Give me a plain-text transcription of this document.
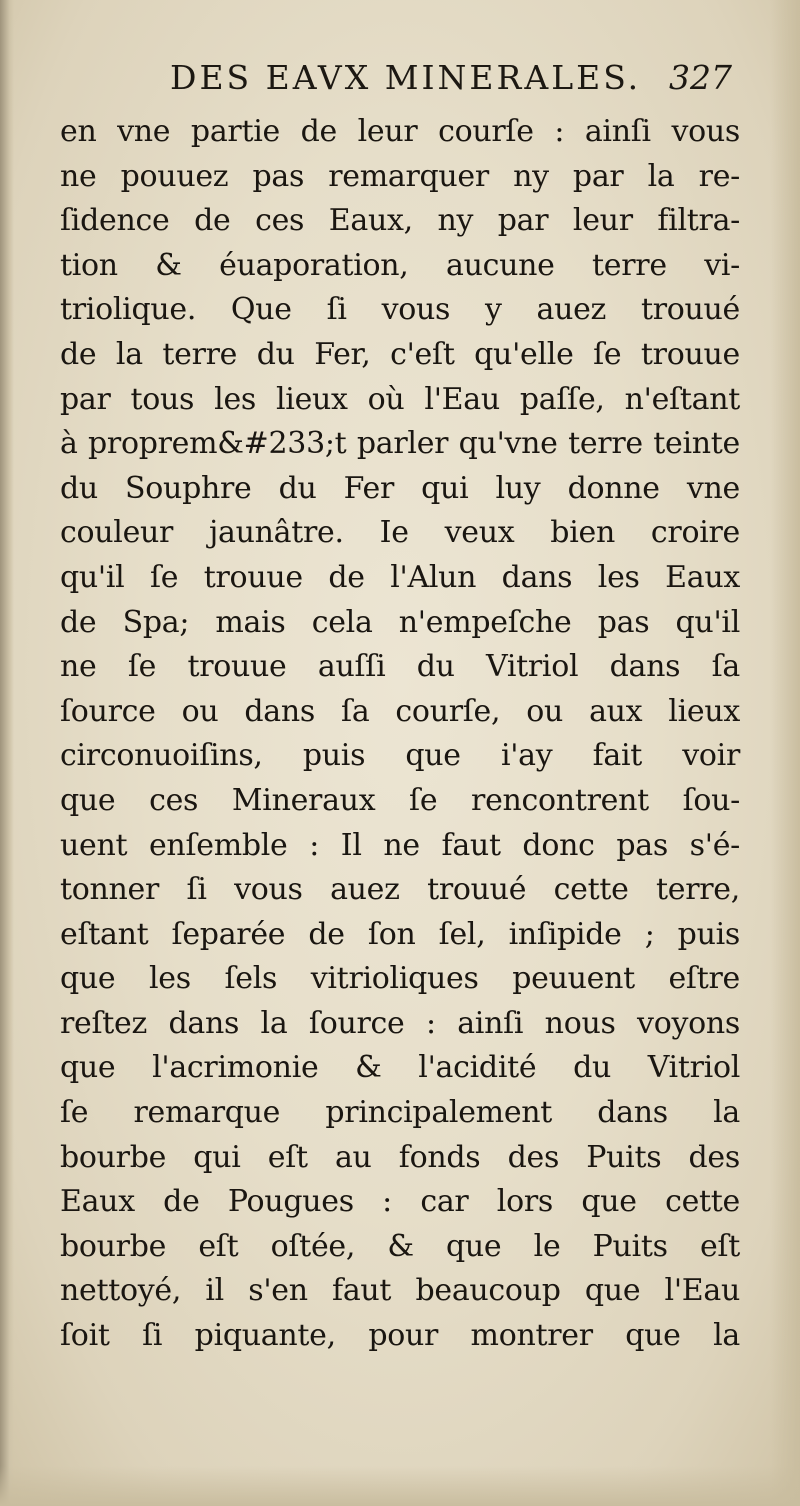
DES EAVX MINERALES. 327
en vne partie de leur courſe : ainſi vous
ne pouuez pas remarquer ny par la re-
ſidence de ces Eaux, ny par leur filtra-
tion & éuaporation, aucune terre vi-
triolique. Que ſi vous y auez trouué
de la terre du Fer, c'eſt qu'elle ſe trouue
par tous les lieux où l'Eau paſſe, n'eſtant
à proprem&#233;t parler qu'vne terre teinte
du Souphre du Fer qui luy donne vne
couleur jaunâtre. Ie veux bien croire
qu'il ſe trouue de l'Alun dans les Eaux
de Spa; mais cela n'empeſche pas qu'il
ne ſe trouue auſſi du Vitriol dans ſa
ſource ou dans ſa courſe, ou aux lieux
circonuoiſins, puis que i'ay fait voir
que ces Mineraux ſe rencontrent ſou-
uent enſemble : Il ne faut donc pas s'é-
tonner ſi vous auez trouué cette terre,
eſtant ſeparée de ſon ſel, inſipide ; puis
que les ſels vitrioliques peuuent eſtre
reſtez dans la ſource : ainſi nous voyons
que l'acrimonie & l'acidité du Vitriol
ſe remarque principalement dans la
bourbe qui eſt au fonds des Puits des
Eaux de Pougues : car lors que cette
bourbe eſt oſtée, & que le Puits eſt
nettoyé, il s'en faut beaucoup que l'Eau
ſoit ſi piquante, pour montrer que la
